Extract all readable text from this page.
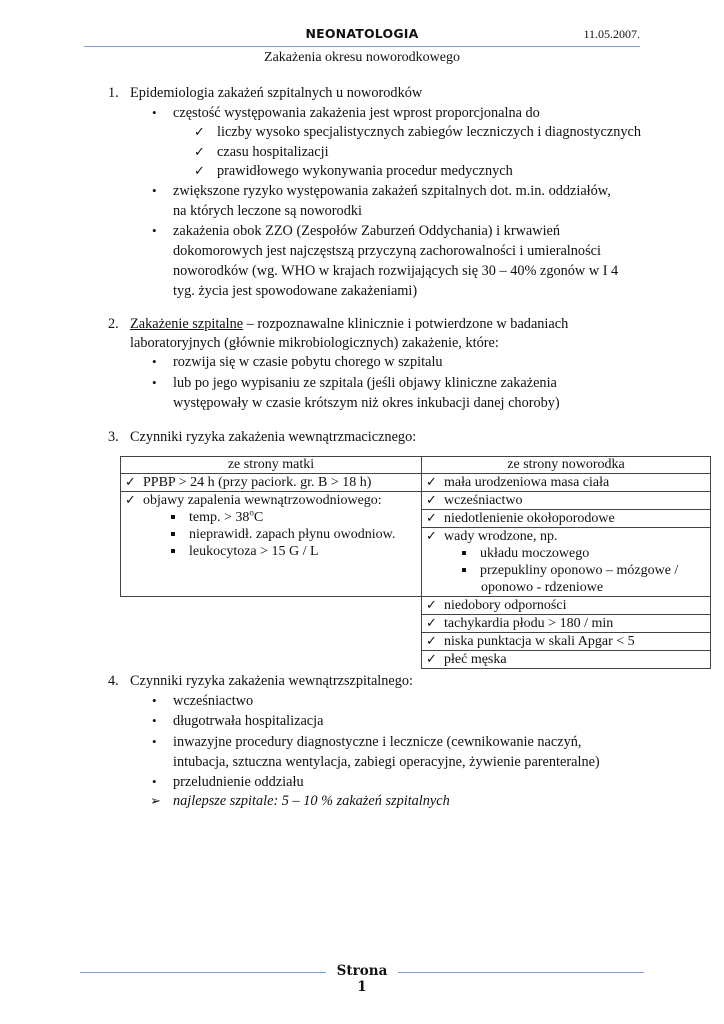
NEONATOLOGIA	11.05.2007.
Zakażenia okresu noworodkowego
1. Epidemiologia zakażeń szpitalnych u noworodków
• częstość występowania zakażenia jest wprost proporcjonalna do
✓ liczby wysoko specjalistycznych zabiegów leczniczych i diagnostycznych
✓ czasu hospitalizacji
✓ prawidłowego wykonywania procedur medycznych
• zwiększone ryzyko występowania zakażeń szpitalnych dot. m.in. oddziałów,
na których leczone są noworodki
• zakażenia obok ZZO (Zespołów Zaburzeń Oddychania) i krwawień
dokomorowych jest najczęstszą przyczyną zachorowalności i umieralności
noworodków (wg. WHO w krajach rozwijających się 30 – 40% zgonów w I 4
tyg. życia jest spowodowane zakażeniami)
2. Zakażenie szpitalne – rozpoznawalne klinicznie i potwierdzone w badaniach
laboratoryjnych (głównie mikrobiologicznych) zakażenie, które:
• rozwija się w czasie pobytu chorego w szpitalu
• lub po jego wypisaniu ze szpitala (jeśli objawy kliniczne zakażenia
występowały w czasie krótszym niż okres inkubacji danej choroby)
3. Czynniki ryzyka zakażenia wewnątrzmacicznego:
ze strony matki	ze strony noworodka
✓ PPBP > 24 h (przy paciork. gr. B > 18 h)	✓ mała urodzeniowa masa ciała

✓ objawy zapalenia wewnątrzowodniowego:
temp. > $38^oC$
nieprawidł. zapach płynu owodniow.
leukocytoza > 15 G / L	✓ wcześniactwo
	✓ niedotlenienie okołoporodowe

	✓ wady wrodzone, np.
układu moczowego
przepukliny oponowo – mózgowe /
oponowo - rdzeniowe

	✓ niedobory odporności
	✓ tachykardia płodu > 180 / min
	✓ niska punktacja w skali Apgar < 5
	✓ płeć męska
4. Czynniki ryzyka zakażenia wewnątrzszpitalnego:
• wcześniactwo
• długotrwała hospitalizacja
• inwazyjne procedury diagnostyczne i lecznicze (cewnikowanie naczyń,
intubacja, sztuczna wentylacja, zabiegi operacyjne, żywienie parenteralne)
• przeludnienie oddziału
➢ najlepsze szpitale: 5 – 10 % zakażeń szpitalnych
Strona 1
